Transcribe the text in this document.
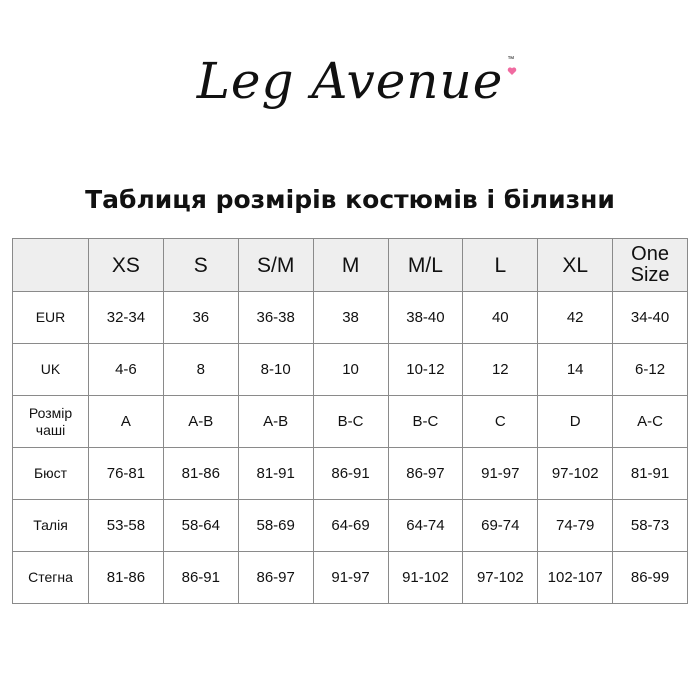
Leg Avenue ™
Таблиця розмірів костюмів і білизни
	XS	S	S/M	M	M/L	L	XL	One Size
EUR	32-34	36	36-38	38	38-40	40	42	34-40
UK	4-6	8	8-10	10	10-12	12	14	6-12
Розмір чаші	A	A-B	A-B	B-C	B-C	C	D	A-C
Бюст	76-81	81-86	81-91	86-91	86-97	91-97	97-102	81-91
Талія	53-58	58-64	58-69	64-69	64-74	69-74	74-79	58-73
Стегна	81-86	86-91	86-97	91-97	91-102	97-102	102-107	86-99
